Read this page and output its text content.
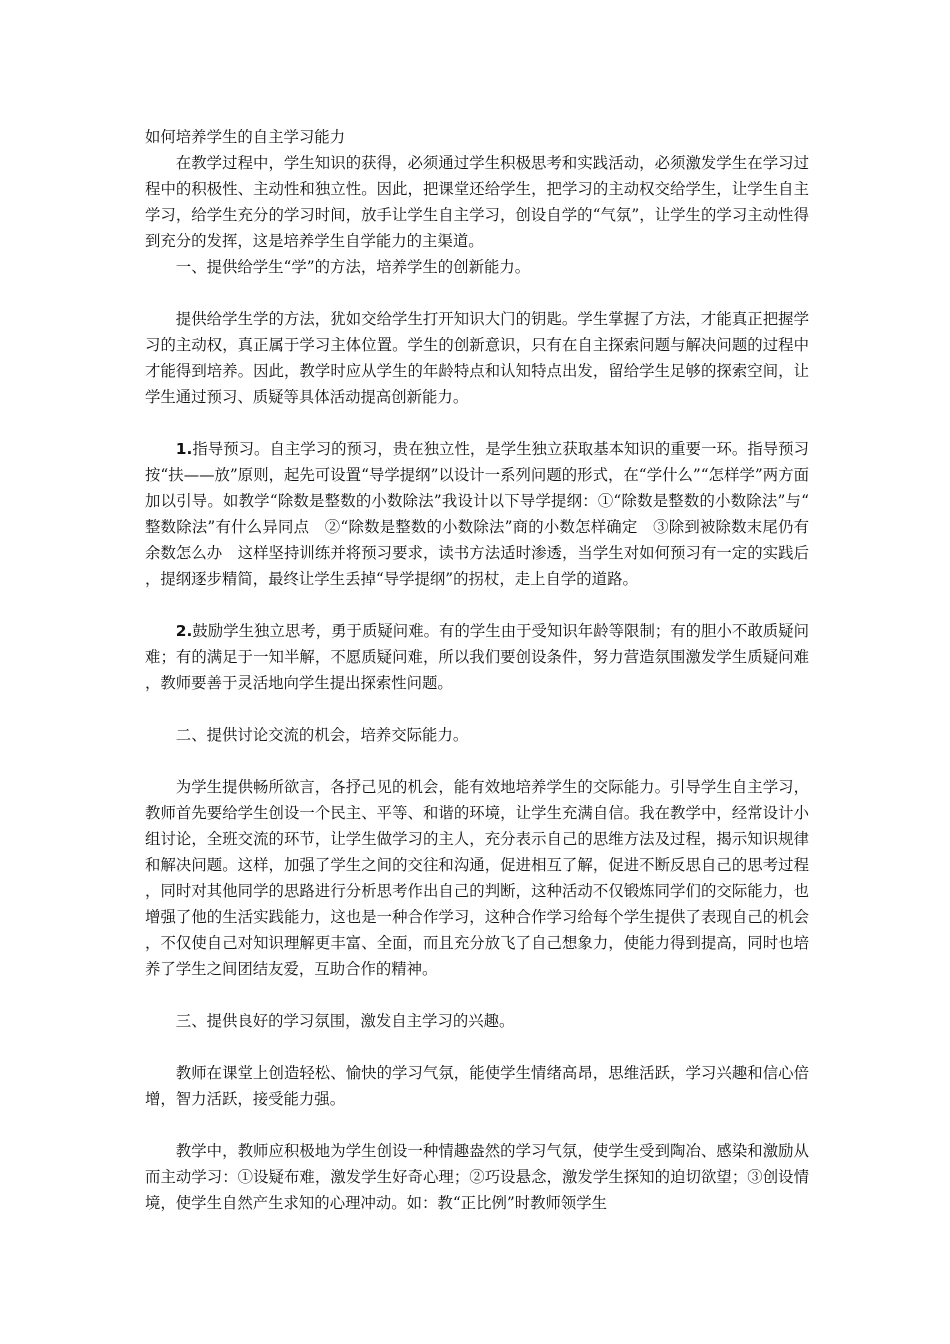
如何培养学生的自主学习能力

在教学过程中，学生知识的获得，必须通过学生积极思考和实践活动，必须激发学生在学习过程中的积极性、主动性和独立性。因此，把课堂还给学生，把学习的主动权交给学生，让学生自主学习，给学生充分的学习时间，放手让学生自主学习，创设自学的“气氛”，让学生的学习主动性得到充分的发挥，这是培养学生自学能力的主渠道。

一、提供给学生“学”的方法，培养学生的创新能力。

提供给学生学的方法，犹如交给学生打开知识大门的钥匙。学生掌握了方法，才能真正把握学习的主动权，真正属于学习主体位置。学生的创新意识，只有在自主探索问题与解决问题的过程中才能得到培养。因此，教学时应从学生的年龄特点和认知特点出发，留给学生足够的探索空间，让学生通过预习、质疑等具体活动提高创新能力。

1.指导预习。自主学习的预习，贵在独立性，是学生独立获取基本知识的重要一环。指导预习按“扶——放”原则，起先可设置“导学提纲”以设计一系列问题的形式，在“学什么”“怎样学”两方面加以引导。如教学“除数是整数的小数除法”我设计以下导学提纲：①“除数是整数的小数除法”与“整数除法”有什么异同点　②“除数是整数的小数除法”商的小数怎样确定　③除到被除数末尾仍有余数怎么办　这样坚持训练并将预习要求，读书方法适时渗透，当学生对如何预习有一定的实践后，提纲逐步精简，最终让学生丢掉“导学提纲”的拐杖，走上自学的道路。

2.鼓励学生独立思考，勇于质疑问难。有的学生由于受知识年龄等限制；有的胆小不敢质疑问难；有的满足于一知半解，不愿质疑问难，所以我们要创设条件，努力营造氛围激发学生质疑问难，教师要善于灵活地向学生提出探索性问题。

二、提供讨论交流的机会，培养交际能力。

为学生提供畅所欲言，各抒己见的机会，能有效地培养学生的交际能力。引导学生自主学习，教师首先要给学生创设一个民主、平等、和谐的环境，让学生充满自信。我在教学中，经常设计小组讨论，全班交流的环节，让学生做学习的主人，充分表示自己的思维方法及过程，揭示知识规律和解决问题。这样，加强了学生之间的交往和沟通，促进相互了解，促进不断反思自己的思考过程，同时对其他同学的思路进行分析思考作出自己的判断，这种活动不仅锻炼同学们的交际能力，也增强了他的生活实践能力，这也是一种合作学习，这种合作学习给每个学生提供了表现自己的机会，不仅使自己对知识理解更丰富、全面，而且充分放飞了自己想象力，使能力得到提高，同时也培养了学生之间团结友爱，互助合作的精神。

三、提供良好的学习氛围，激发自主学习的兴趣。

教师在课堂上创造轻松、愉快的学习气氛，能使学生情绪高昂，思维活跃，学习兴趣和信心倍增，智力活跃，接受能力强。

教学中，教师应积极地为学生创设一种情趣盎然的学习气氛，使学生受到陶冶、感染和激励从而主动学习：①设疑布难，激发学生好奇心理；②巧设悬念，激发学生探知的迫切欲望；③创设情境，使学生自然产生求知的心理冲动。如：教“正比例”时教师领学生
